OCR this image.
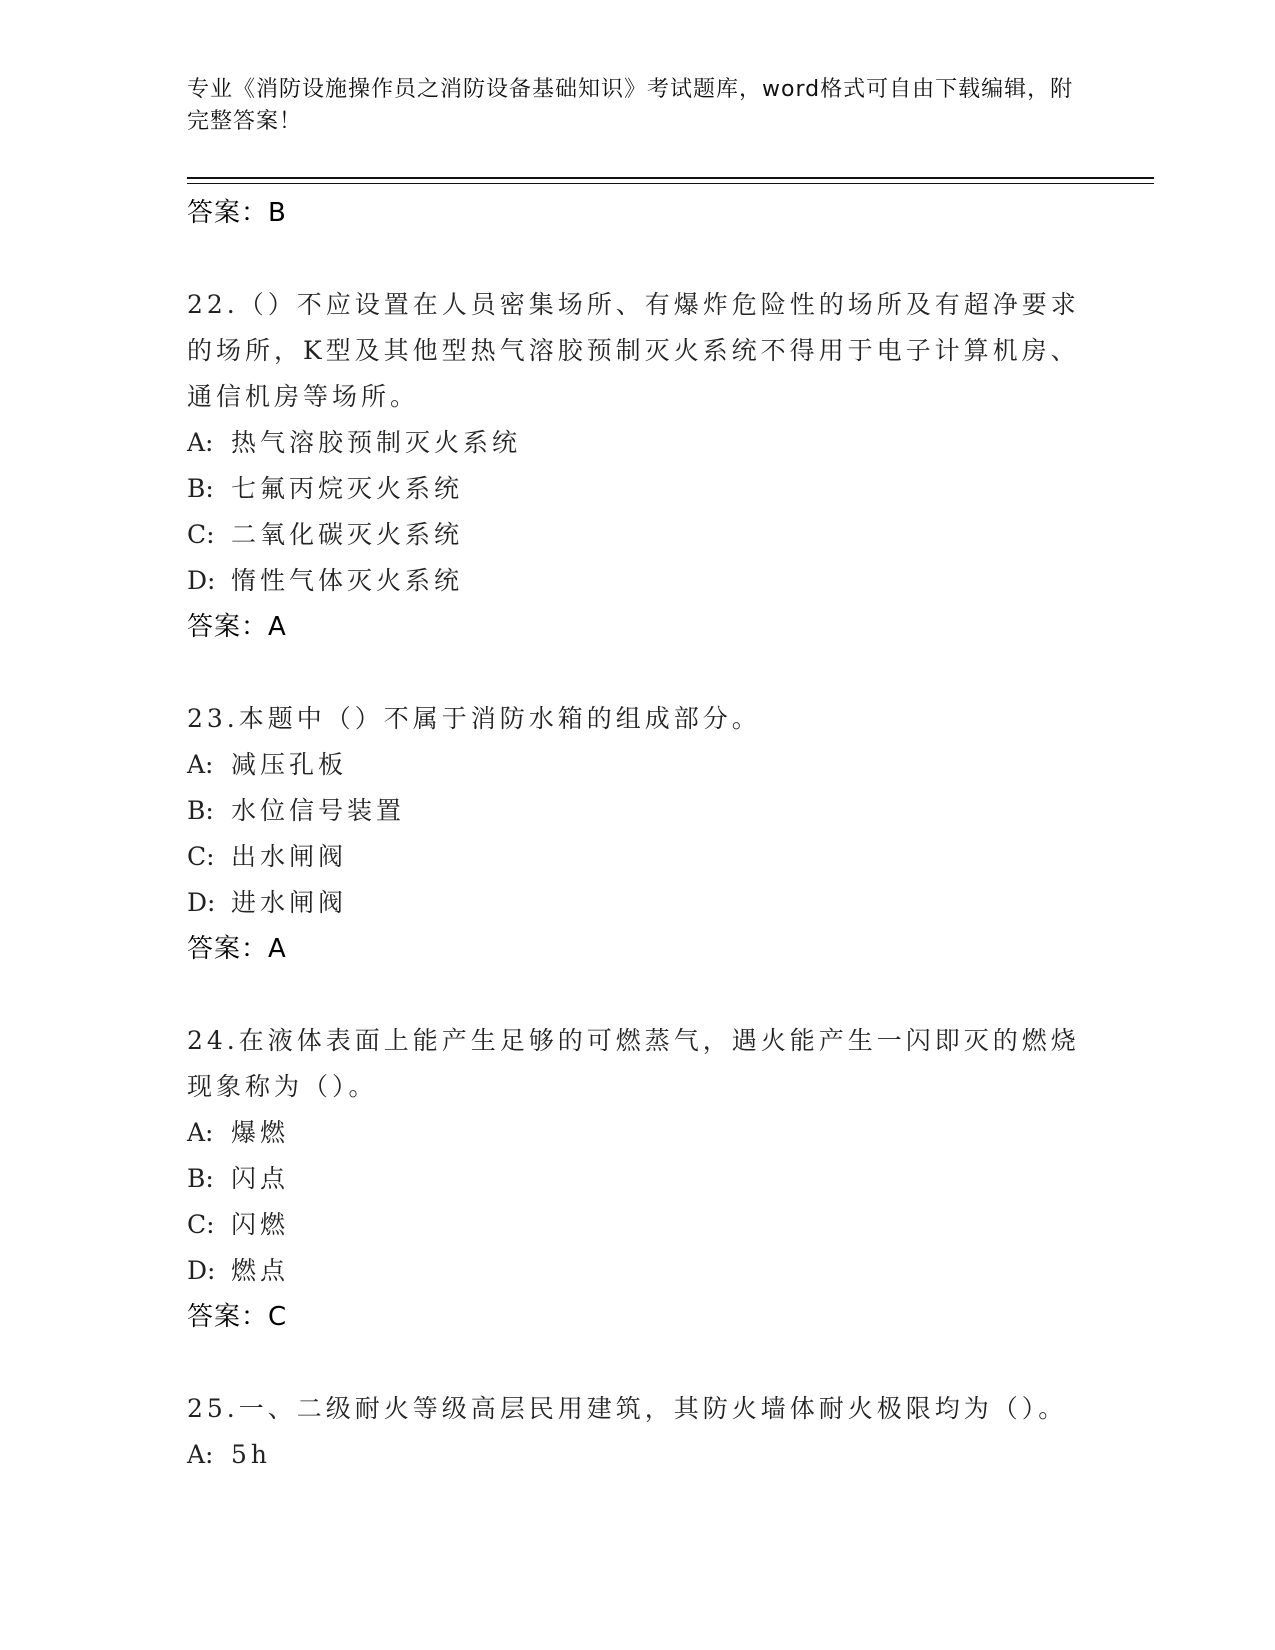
专业《消防设施操作员之消防设备基础知识》考试题库，word格式可自由下载编辑，附完整答案！
答案：B
22.（）不应设置在人员密集场所、有爆炸危险性的场所及有超净要求的场所，K型及其他型热气溶胶预制灭火系统不得用于电子计算机房、通信机房等场所。
A: 热气溶胶预制灭火系统
B: 七氟丙烷灭火系统
C: 二氧化碳灭火系统
D: 惰性气体灭火系统
答案：A
23.本题中（）不属于消防水箱的组成部分。
A: 减压孔板
B: 水位信号装置
C: 出水闸阀
D: 进水闸阀
答案：A
24.在液体表面上能产生足够的可燃蒸气，遇火能产生一闪即灭的燃烧现象称为（）。
A: 爆燃
B: 闪点
C: 闪燃
D: 燃点
答案：C
25.一、二级耐火等级高层民用建筑，其防火墙体耐火极限均为（）。
A: 5h
